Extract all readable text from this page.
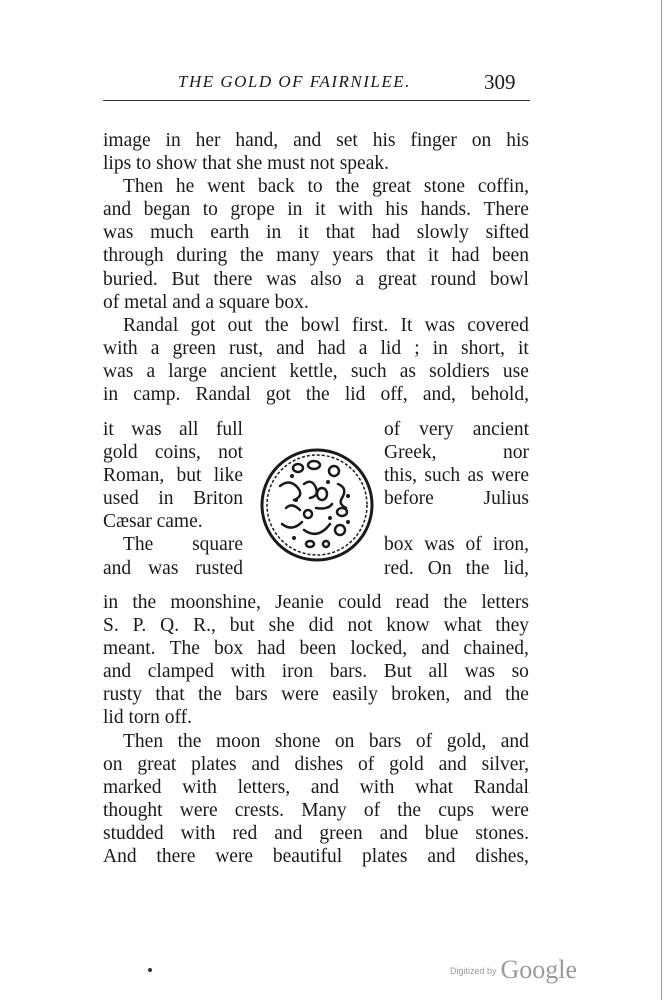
THE GOLD OF FAIRNILEE.	309
image in her hand, and set his finger on his
lips to show that she must not speak.
Then he went back to the great stone coffin,
and began to grope in it with his hands. There
was much earth in it that had slowly sifted
through during the many years that it had been
buried. But there was also a great round bowl
of metal and a square box.
Randal got out the bowl first. It was covered
with a green rust, and had a lid ; in short, it
was a large ancient kettle, such as soldiers use
in camp. Randal got the lid off, and, behold,
it was all full
gold coins, not
Roman, but like
used in Briton
Cæsar came.
The square
and was rusted
of very ancient
Greek,	nor
this, such as were
before	Julius
box was of iron,
red. On the lid,
in the moonshine, Jeanie could read the letters
S. P. Q. R., but she did not know what they
meant. The box had been locked, and chained,
and clamped with iron bars. But all was so
rusty that the bars were easily broken, and the
lid torn off.
Then the moon shone on bars of gold, and
on great plates and dishes of gold and silver,
marked with letters, and with what Randal
thought were crests. Many of the cups were
studded with red and green and blue stones.
And there were beautiful plates and dishes,
$^{Digitized by}$ Google
